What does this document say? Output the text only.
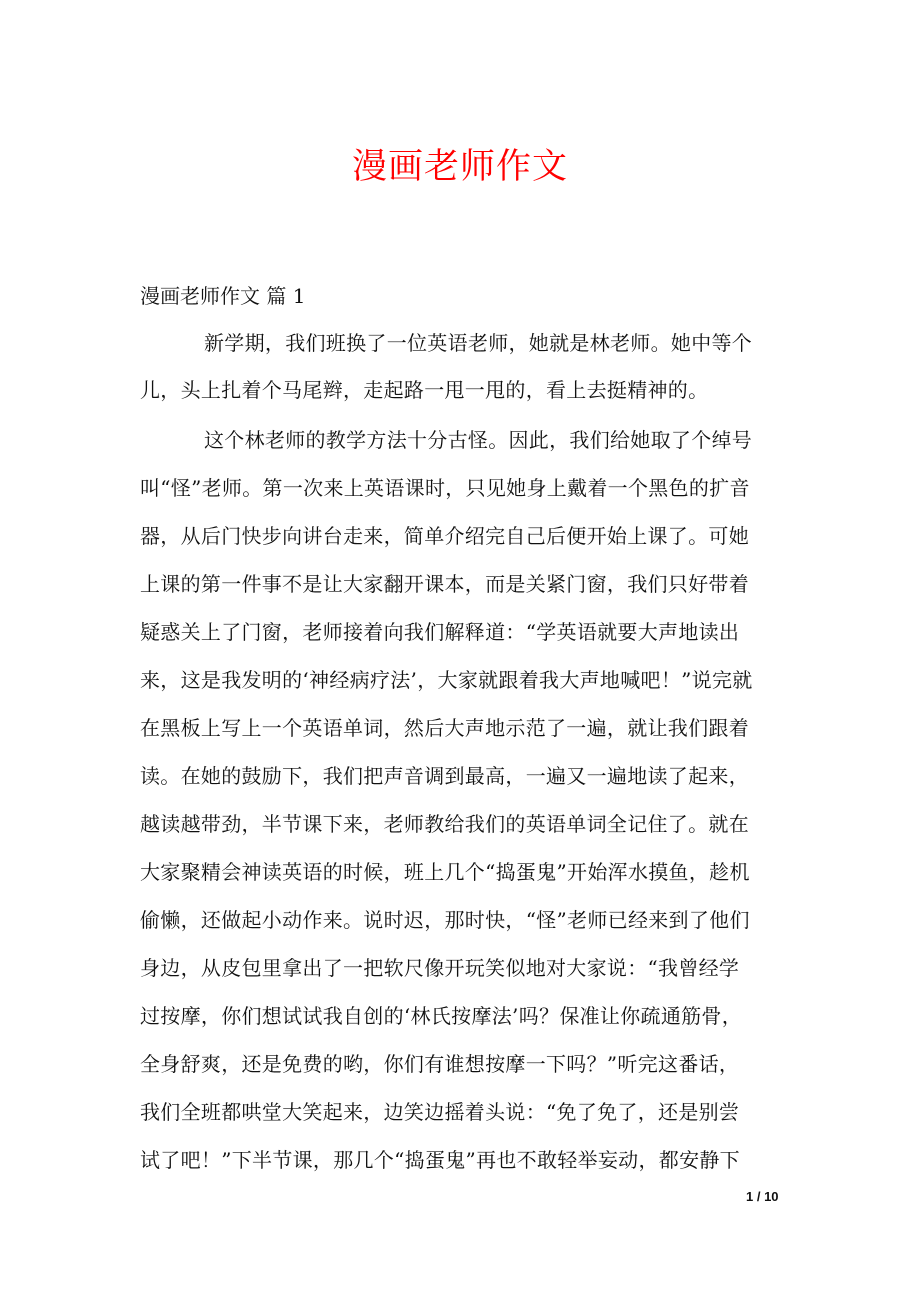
漫画老师作文
漫画老师作文 篇 1
新学期，我们班换了一位英语老师，她就是林老师。她中等个
儿，头上扎着个马尾辫，走起路一甩一甩的，看上去挺精神的。
这个林老师的教学方法十分古怪。因此，我们给她取了个绰号
叫“怪”老师。第一次来上英语课时，只见她身上戴着一个黑色的扩音
器，从后门快步向讲台走来，简单介绍完自己后便开始上课了。可她
上课的第一件事不是让大家翻开课本，而是关紧门窗，我们只好带着
疑惑关上了门窗，老师接着向我们解释道：“学英语就要大声地读出
来，这是我发明的‘神经病疗法’，大家就跟着我大声地喊吧！”说完就
在黑板上写上一个英语单词，然后大声地示范了一遍，就让我们跟着
读。在她的鼓励下，我们把声音调到最高，一遍又一遍地读了起来，
越读越带劲，半节课下来，老师教给我们的英语单词全记住了。就在
大家聚精会神读英语的时候，班上几个“捣蛋鬼”开始浑水摸鱼，趁机
偷懒，还做起小动作来。说时迟，那时快，“怪”老师已经来到了他们
身边，从皮包里拿出了一把软尺像开玩笑似地对大家说：“我曾经学
过按摩，你们想试试我自创的‘林氏按摩法’吗？保准让你疏通筋骨，
全身舒爽，还是免费的哟，你们有谁想按摩一下吗？”听完这番话，
我们全班都哄堂大笑起来，边笑边摇着头说：“免了免了，还是别尝
试了吧！”下半节课，那几个“捣蛋鬼”再也不敢轻举妄动，都安静下
1 / 10
